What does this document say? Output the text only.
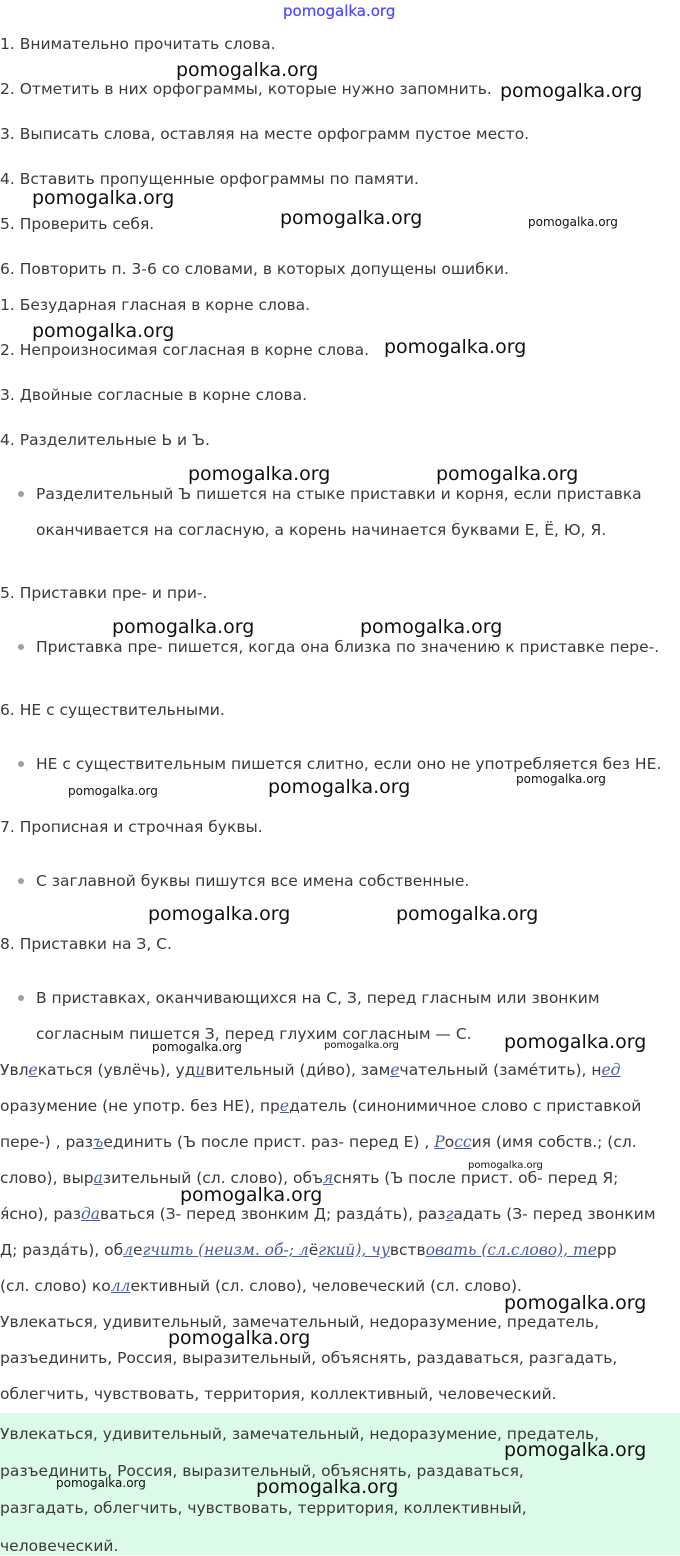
pomogalka.org
1. Внимательно прочитать слова.
2. Отметить в них орфограммы, которые нужно запомнить.
3. Выписать слова, оставляя на месте орфограмм пустое место.
4. Вставить пропущенные орфограммы по памяти.
5. Проверить себя.
6. Повторить п. 3-6 со словами, в которых допущены ошибки.
1. Безударная гласная в корне слова.
2. Непроизносимая согласная в корне слова.
3. Двойные согласные в корне слова.
4. Разделительные Ь и Ъ.
Разделительный Ъ пишется на стыке приставки и корня, если приставка
оканчивается на согласную, а корень начинается буквами Е, Ё, Ю, Я.
5. Приставки пре- и при-.
Приставка пре- пишется, когда она близка по значению к приставке пере-.
6. НЕ с существительными.
НЕ с существительным пишется слитно, если оно не употребляется без НЕ.
7. Прописная и строчная буквы.
С заглавной буквы пишутся все имена собственные.
8. Приставки на З, С.
В приставках, оканчивающихся на С, З, перед гласным или звонким
согласным пишется З, перед глухим согласным — С.
Увлекаться (увлёчь), удивительный (ди́во), замечательный (замéтить), нед
оразумение (не употр. без НЕ), предатель (синонимичное слово с приставкой
пере-) , разъединить (Ъ после прист. раз- перед Е) , Россия (имя собств.; (сл.
слово), выразительный (сл. слово), объяснять (Ъ после прист. об- перед Я;
я́сно), раздаваться (З- перед звонким Д; разда́ть), разгадать (З- перед звонким
Д; разда́ть), облегчить (неизм. об-; лёгкий), чувствовать (сл.слово), терр
(сл. слово) коллективный (сл. слово), человеческий (сл. слово).
Увлекаться, удивительный, замечательный, недоразумение, предатель,
разъединить, Россия, выразительный, объяснять, раздаваться, разгадать,
облегчить, чувствовать, территория, коллективный, человеческий.
Увлекаться, удивительный, замечательный, недоразумение, предатель,
разъединить, Россия, выразительный, объяснять, раздаваться,
разгадать, облегчить, чувствовать, территория, коллективный,
человеческий.
pomogalka.org
pomogalka.org
pomogalka.org
pomogalka.org	pomogalka.org
pomogalka.org
pomogalka.org
pomogalka.org	pomogalka.org
pomogalka.org	pomogalka.org
pomogalka.org
pomogalka.org	pomogalka.org
pomogalka.org	pomogalka.org
pomogalka.org	pomogalka.org	pomogalka.org
pomogalka.org
pomogalka.org
pomogalka.org
pomogalka.org
pomogalka.org
pomogalka.org	pomogalka.org
